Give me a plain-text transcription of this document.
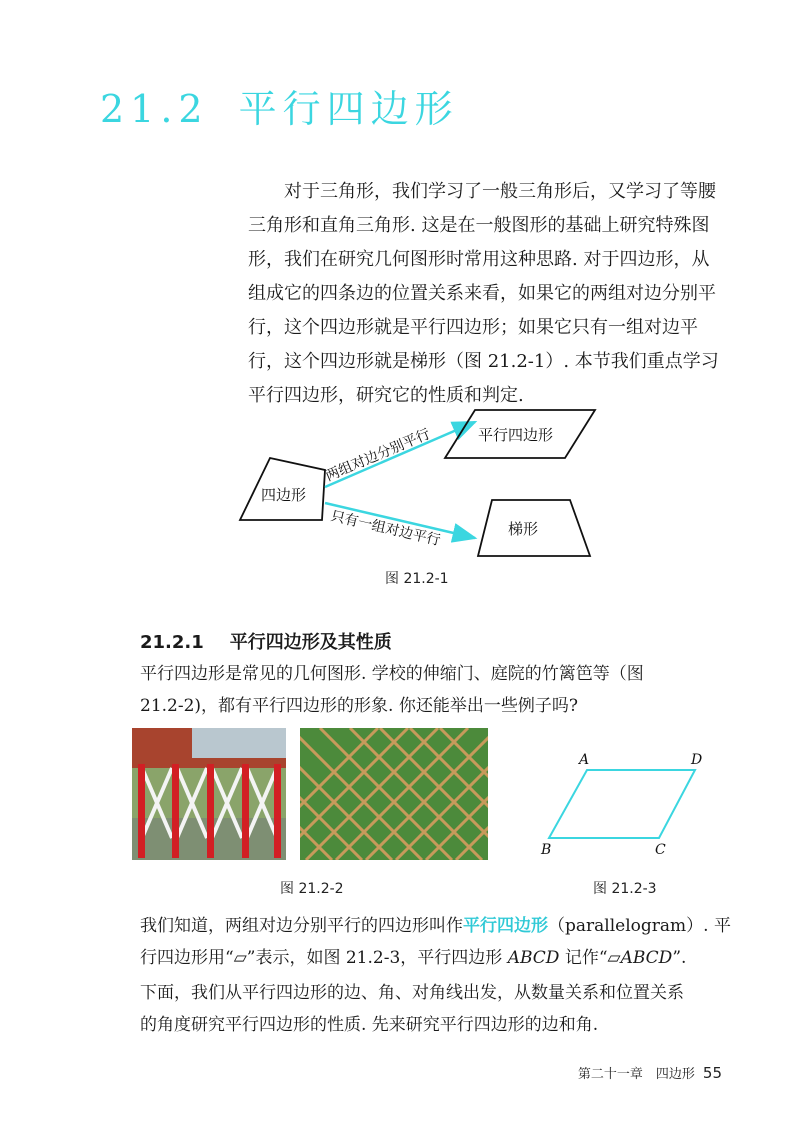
21.2 平行四边形
对于三角形，我们学习了一般三角形后，又学习了等腰
三角形和直角三角形. 这是在一般图形的基础上研究特殊图
形，我们在研究几何图形时常用这种思路. 对于四边形，从
组成它的四条边的位置关系来看，如果它的两组对边分别平
行，这个四边形就是平行四边形；如果它只有一组对边平
行，这个四边形就是梯形（图 21.2-1）. 本节我们重点学习
平行四边形，研究它的性质和判定.
四边形
两组对边分别平行
只有一组对边平行
平行四边形
梯形
图 21.2-1
21.2.1 平行四边形及其性质
平行四边形是常见的几何图形. 学校的伸缩门、庭院的竹篱笆等（图
21.2-2)，都有平行四边形的形象. 你还能举出一些例子吗?
A	D
B	C
图 21.2-2	图 21.2-3
我们知道，两组对边分别平行的四边形叫作平行四边形（parallelogram）. 平
行四边形用“▱”表示，如图 21.2-3，平行四边形 ABCD 记作“▱ABCD”.
下面，我们从平行四边形的边、角、对角线出发，从数量关系和位置关系
的角度研究平行四边形的性质. 先来研究平行四边形的边和角.
第二十一章　四边形 55
